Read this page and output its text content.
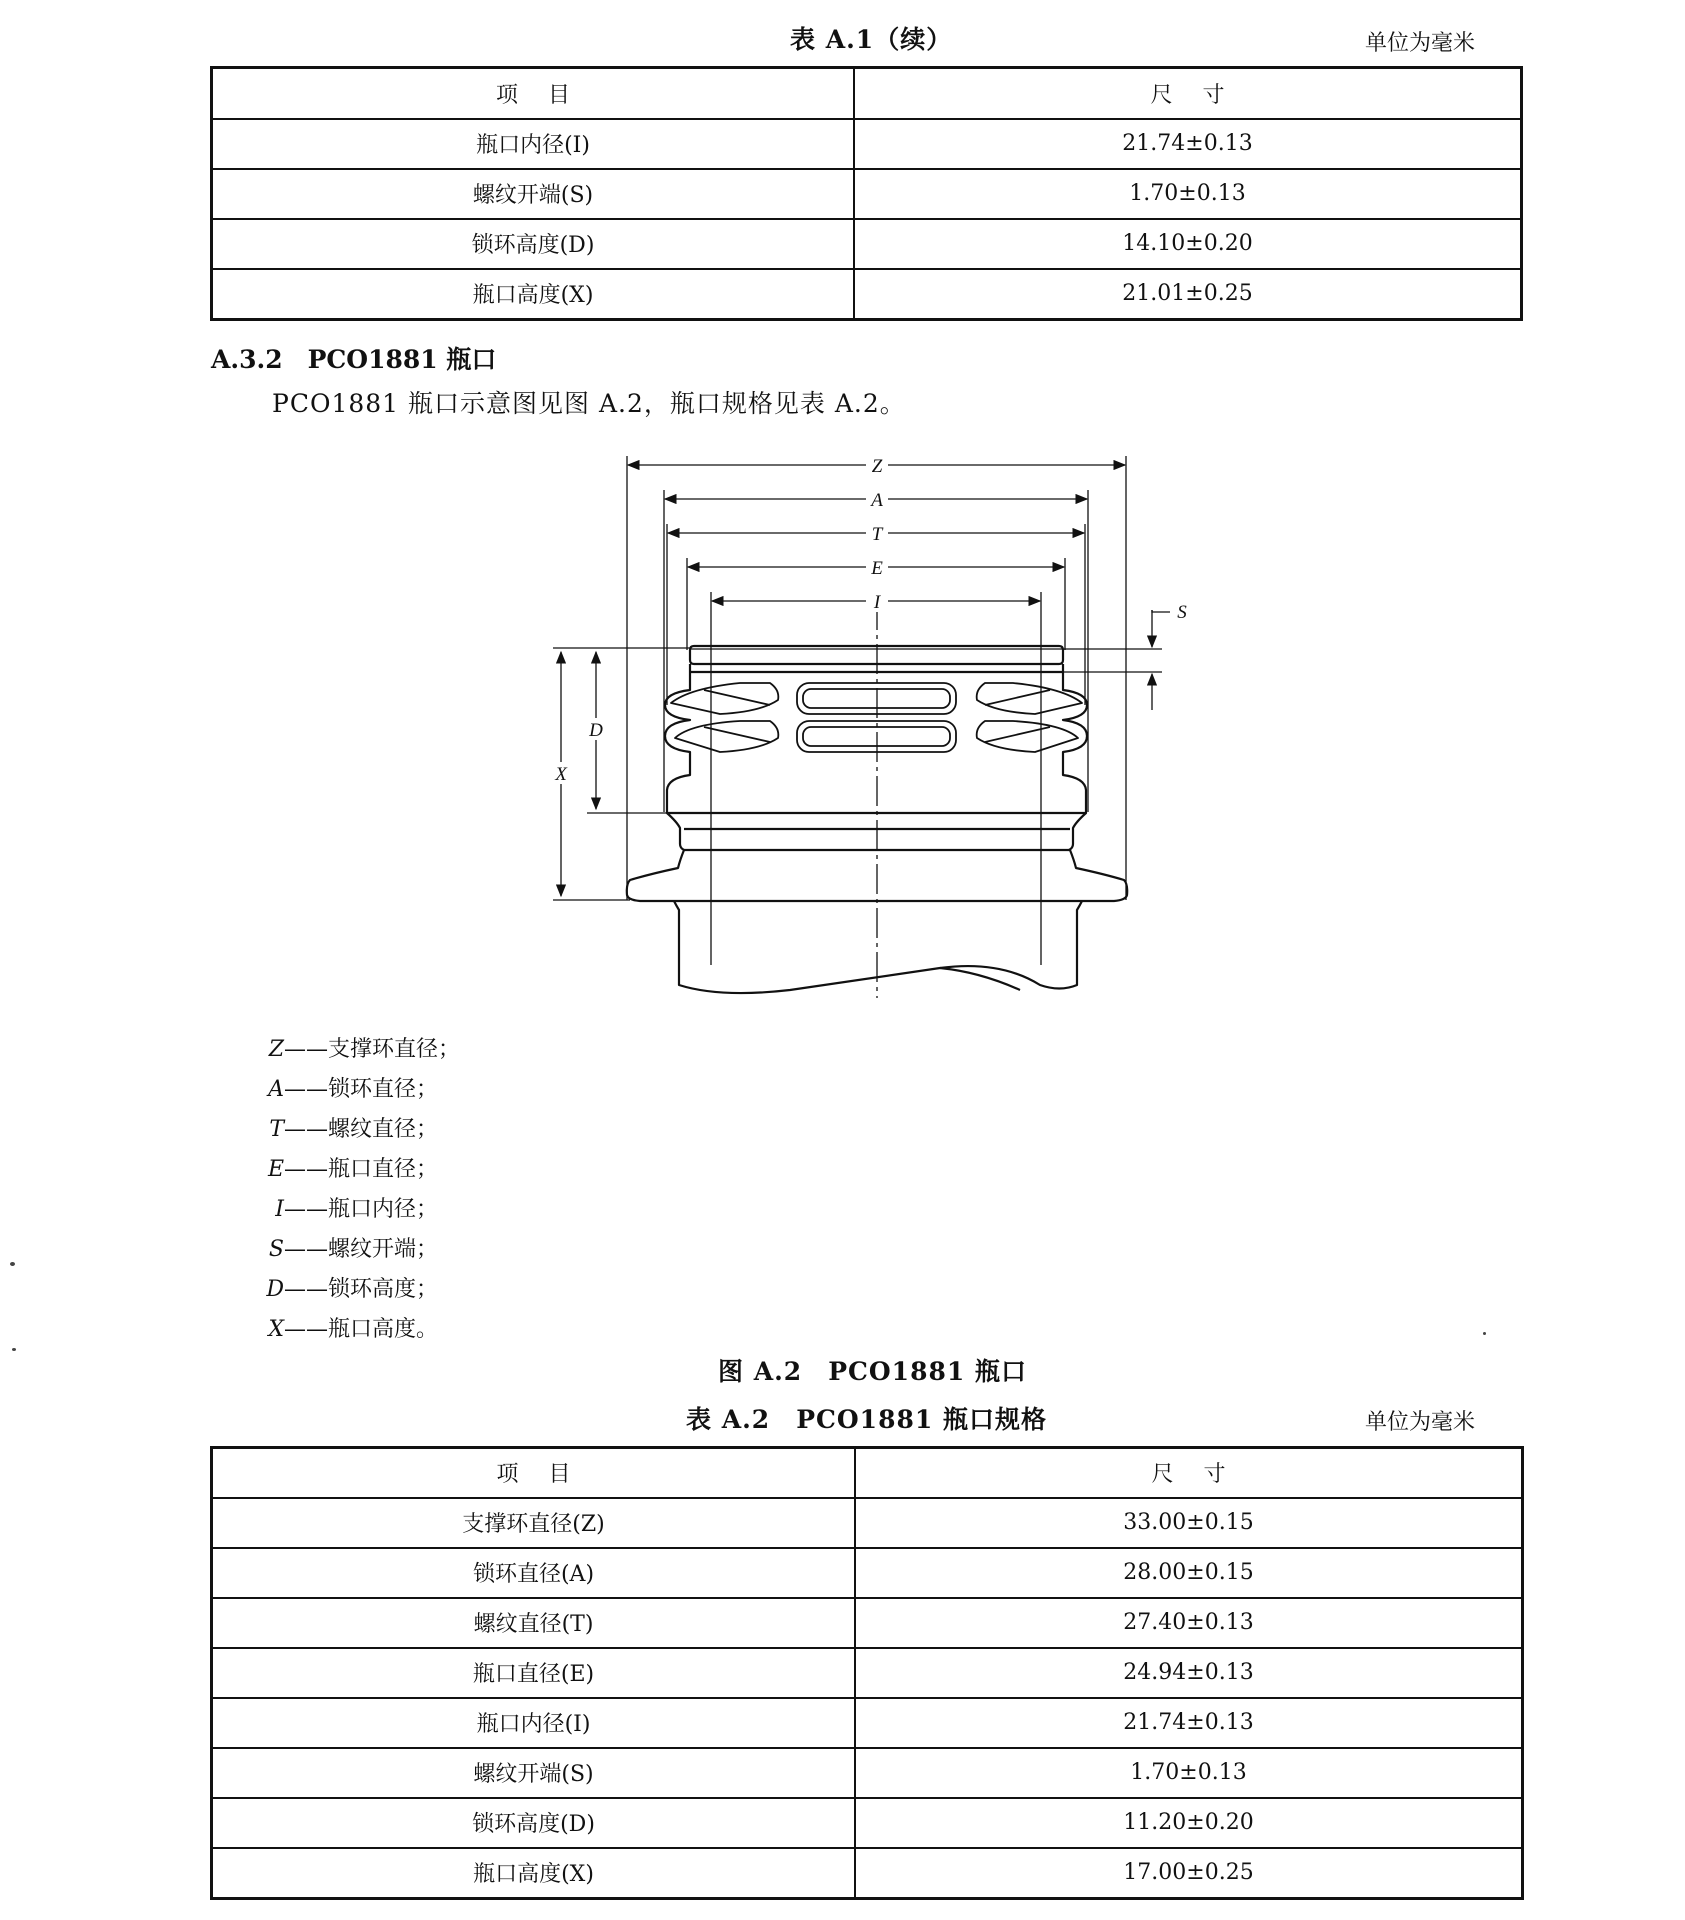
表 A.1（续）	单位为毫米
项目	尺寸
瓶口内径(I)	21.74±0.13
螺纹开端(S)	1.70±0.13
锁环高度(D)	14.10±0.20
瓶口高度(X)	21.01±0.25
A.3.2　PCO1881 瓶口
PCO1881 瓶口示意图见图 A.2，瓶口规格见表 A.2。
Z
A
T
E
I	S
D
X
Z——支撑环直径；
A——锁环直径；
T——螺纹直径；
E——瓶口直径；
I——瓶口内径；
S——螺纹开端；
D——锁环高度；
X——瓶口高度。
图 A.2　PCO1881 瓶口
表 A.2　PCO1881 瓶口规格	单位为毫米
项目	尺寸
支撑环直径(Z)	33.00±0.15
锁环直径(A)	28.00±0.15
螺纹直径(T)	27.40±0.13
瓶口直径(E)	24.94±0.13
瓶口内径(I)	21.74±0.13
螺纹开端(S)	1.70±0.13
锁环高度(D)	11.20±0.20
瓶口高度(X)	17.00±0.25
